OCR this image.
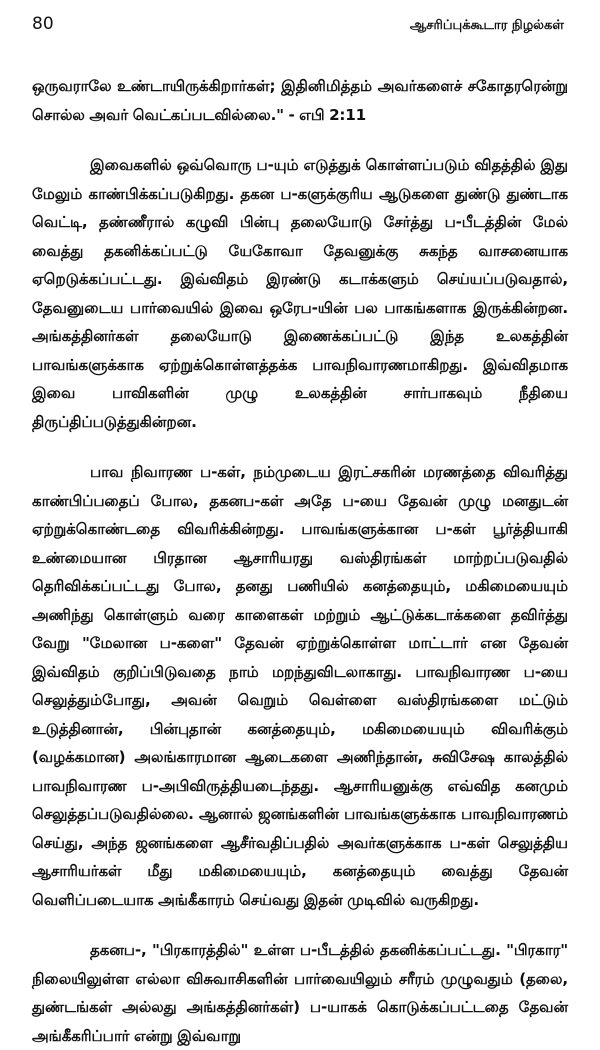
80	ஆசரிப்புக்கூடார நிழல்கள்

ஒருவராலே உண்டாயிருக்கிறார்கள்; இதினிமித்தம் அவர்களைச் சகோதரரென்று சொல்ல அவர் வெட்கப்படவில்லை." - எபி 2:11

இவைகளில் ஒவ்வொரு ப-யும் எடுத்துக் கொள்ளப்படும் விதத்தில் இது மேலும் காண்பிக்கப்படுகிறது. தகன ப-களுக்குரிய ஆடுகளை துண்டு துண்டாக வெட்டி, தண்ணீரால் கழுவி பின்பு தலையோடு சேர்த்து ப-பீடத்தின் மேல் வைத்து தகனிக்கப்பட்டு யேகோவா தேவனுக்கு சுகந்த வாசனையாக ஏறெடுக்கப்பட்டது. இவ்விதம் இரண்டு கடாக்களும் செய்யப்படுவதால், தேவனுடைய பார்வையில் இவை ஒரேப-யின் பல பாகங்களாக இருக்கின்றன. அங்கத்தினர்கள் தலையோடு இணைக்கப்பட்டு இந்த உலகத்தின் பாவங்களுக்காக ஏற்றுக்கொள்ளத்தக்க பாவநிவாரணமாகிறது. இவ்விதமாக இவை பாவிகளின் முழு உலகத்தின் சார்பாகவும் நீதியை திருப்திப்படுத்துகின்றன.

பாவ நிவாரண ப-கள், நம்முடைய இரட்சகரின் மரணத்தை விவரித்து காண்பிப்பதைப் போல, தகனப-கள் அதே ப-யை தேவன் முழு மனதுடன் ஏற்றுக்கொண்டதை விவரிக்கின்றது. பாவங்களுக்கான ப-கள் பூர்த்தியாகி உண்மையான பிரதான ஆசாரியரது வஸ்திரங்கள் மாற்றப்படுவதில் தெரிவிக்கப்பட்டது போல, தனது பணியில் கனத்தையும், மகிமையையும் அணிந்து கொள்ளும் வரை காளைகள் மற்றும் ஆட்டுக்கடாக்களை தவிர்த்து வேறு "மேலான ப-களை" தேவன் ஏற்றுக்கொள்ள மாட்டார் என தேவன் இவ்விதம் குறிப்பிடுவதை நாம் மறந்துவிடலாகாது. பாவநிவாரண ப-யை செலுத்தும்போது, அவன் வெறும் வெள்ளை வஸ்திரங்களை மட்டும் உடுத்தினான், பின்புதான் கனத்தையும், மகிமையையும் விவரிக்கும் (வழக்கமான) அலங்காரமான ஆடைகளை அணிந்தான், சுவிசேஷ காலத்தில் பாவநிவாரண ப-அபிவிருத்தியடைந்தது. ஆசாரியனுக்கு எவ்வித கனமும் செலுத்தப்படுவதில்லை. ஆனால் ஜனங்களின் பாவங்களுக்காக பாவநிவாரணம் செய்து, அந்த ஜனங்களை ஆசீர்வதிப்பதில் அவர்களுக்காக ப-கள் செலுத்திய ஆசாரியர்கள் மீது மகிமையையும், கனத்தையும் வைத்து தேவன் வெளிப்படையாக அங்கீகாரம் செய்வது இதன் முடிவில் வருகிறது.

தகனப-, "பிரகாரத்தில்" உள்ள ப-பீடத்தில் தகனிக்கப்பட்டது. "பிரகார" நிலையிலுள்ள எல்லா விசுவாசிகளின் பார்வையிலும் சரீரம் முழுவதும் (தலை, துண்டங்கள் அல்லது அங்கத்தினர்கள்) ப-யாகக் கொடுக்கப்பட்டதை தேவன் அங்கீகரிப்பார் என்று இவ்வாறு
